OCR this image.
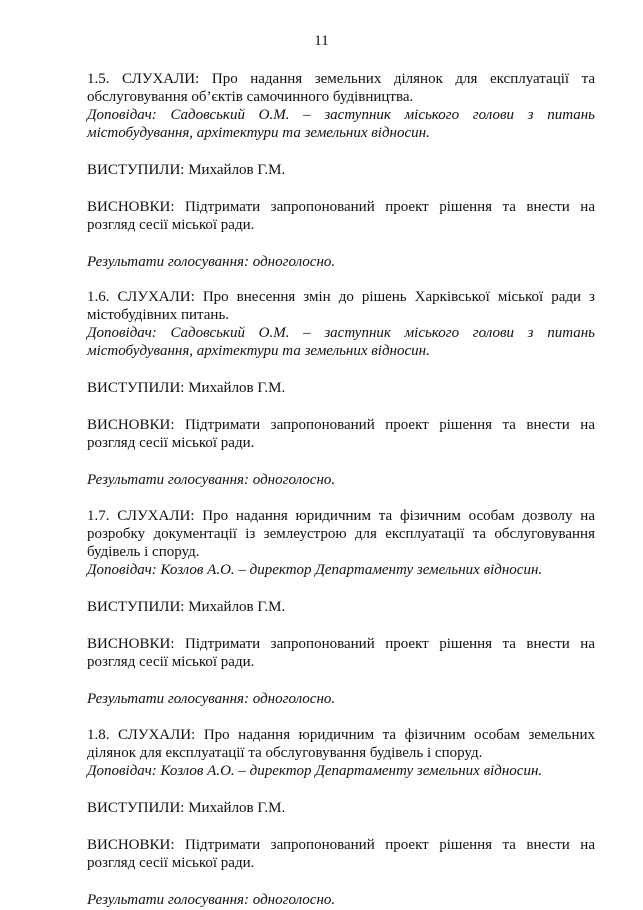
11

1.5. СЛУХАЛИ: Про надання земельних ділянок для експлуатації та обслуговування об’єктів самочинного будівництва.

Доповідач: Садовський О.М. – заступник міського голови з питань містобудування, архітектури та земельних відносин.

ВИСТУПИЛИ: Михайлов Г.М.

ВИСНОВКИ: Підтримати запропонований проект рішення та внести на розгляд сесії міської ради.

Результати голосування: одноголосно.

1.6. СЛУХАЛИ: Про внесення змін до рішень Харківської міської ради з містобудівних питань.

Доповідач: Садовський О.М. – заступник міського голови з питань містобудування, архітектури та земельних відносин.

ВИСТУПИЛИ: Михайлов Г.М.

ВИСНОВКИ: Підтримати запропонований проект рішення та внести на розгляд сесії міської ради.

Результати голосування: одноголосно.

1.7. СЛУХАЛИ: Про надання юридичним та фізичним особам дозволу на розробку документації із землеустрою для експлуатації та обслуговування будівель і споруд.

Доповідач: Козлов А.О. – директор Департаменту земельних відносин.

ВИСТУПИЛИ: Михайлов Г.М.

ВИСНОВКИ: Підтримати запропонований проект рішення та внести на розгляд сесії міської ради.

Результати голосування: одноголосно.

1.8. СЛУХАЛИ: Про надання юридичним та фізичним особам земельних ділянок для експлуатації та обслуговування будівель і споруд.

Доповідач: Козлов А.О. – директор Департаменту земельних відносин.

ВИСТУПИЛИ: Михайлов Г.М.

ВИСНОВКИ: Підтримати запропонований проект рішення та внести на розгляд сесії міської ради.

Результати голосування: одноголосно.
